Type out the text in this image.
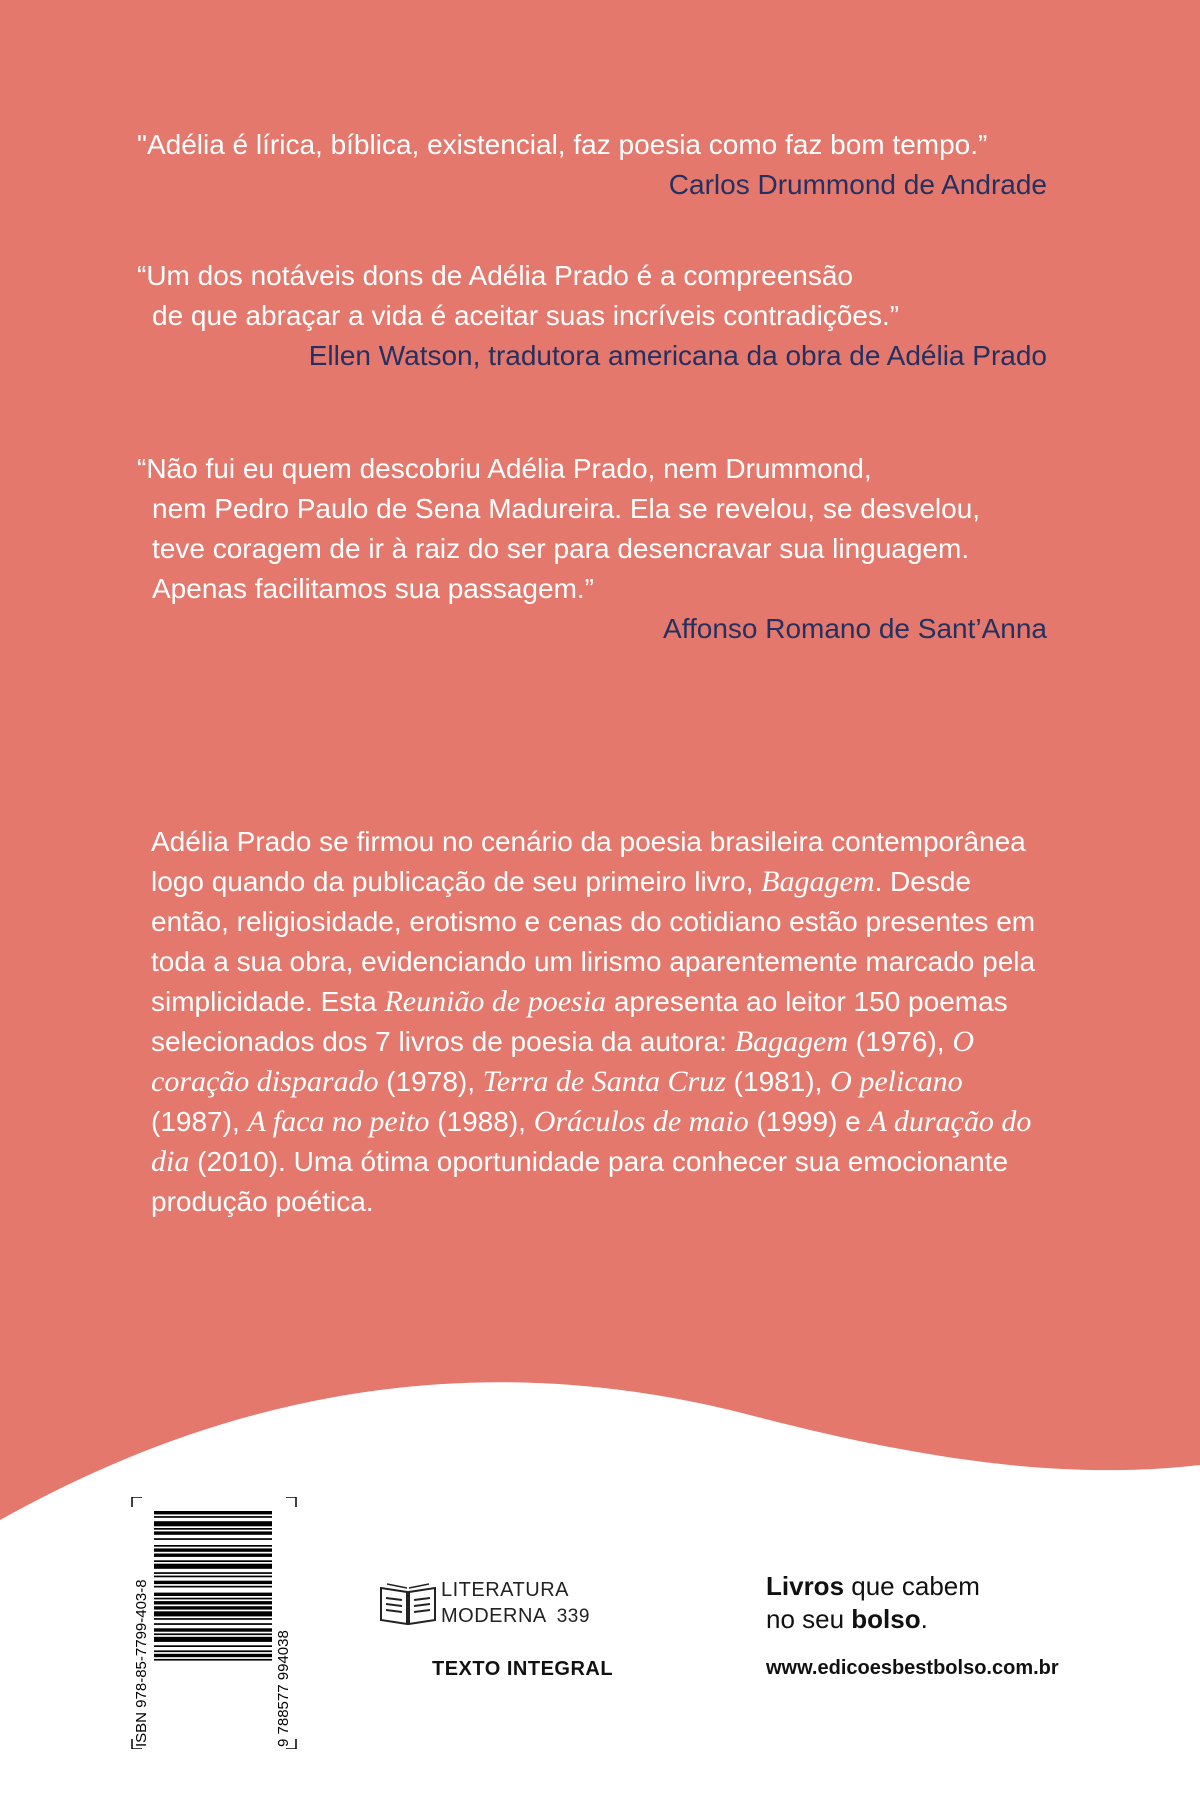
"Adélia é lírica, bíblica, existencial, faz poesia como faz bom tempo.”

Carlos Drummond de Andrade

“Um dos notáveis dons de Adélia Prado é a compreensão

de que abraçar a vida é aceitar suas incríveis contradições.”

Ellen Watson, tradutora americana da obra de Adélia Prado

“Não fui eu quem descobriu Adélia Prado, nem Drummond,

nem Pedro Paulo de Sena Madureira. Ela se revelou, se desvelou,

teve coragem de ir à raiz do ser para desencravar sua linguagem.

Apenas facilitamos sua passagem.”

Affonso Romano de Sant’Anna

Adélia Prado se firmou no cenário da poesia brasileira contemporânea logo quando da publicação de seu primeiro livro, Bagagem. Desde então, religiosidade, erotismo e cenas do cotidiano estão presentes em toda a sua obra, evidenciando um lirismo aparentemente marcado pela simplicidade. Esta Reunião de poesia apresenta ao leitor 150 poemas selecionados dos 7 livros de poesia da autora: Bagagem (1976), O coração disparado (1978), Terra de Santa Cruz (1981), O pelicano (1987), A faca no peito (1988), Oráculos de maio (1999) e A duração do dia (2010). Uma ótima oportunidade para conhecer sua emocionante produção poética.
ISBN 978-85-7799-403-8	9 788577 994038
LITERATURA
MODERNA 339
TEXTO INTEGRAL
Livros que cabem
no seu bolso.
www.edicoesbestbolso.com.br
